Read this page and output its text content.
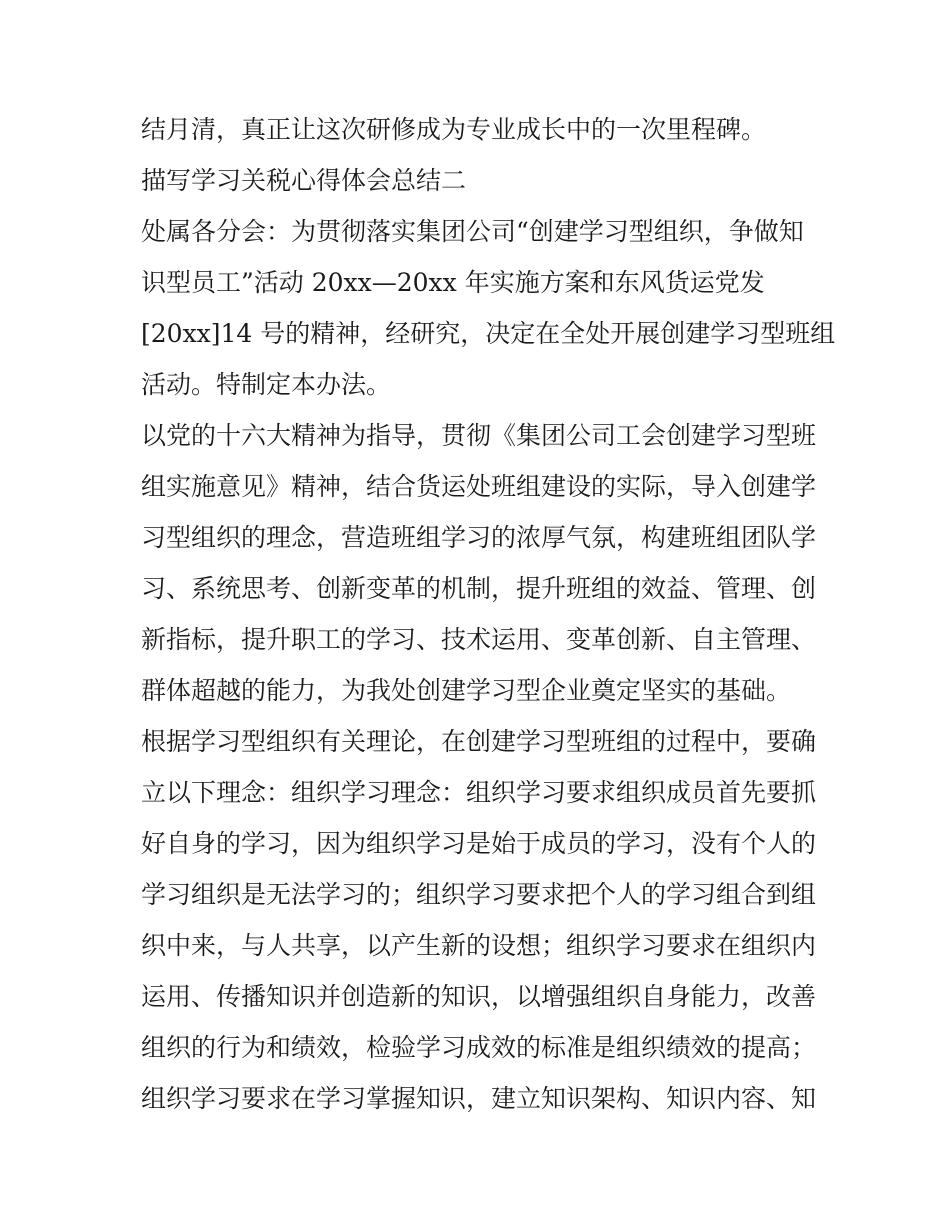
结月清，真正让这次研修成为专业成长中的一次里程碑。
描写学习关税心得体会总结二
处属各分会：为贯彻落实集团公司“创建学习型组织，争做知
识型员工”活动 20xx—20xx 年实施方案和东风货运党发
[20xx]14 号的精神，经研究，决定在全处开展创建学习型班组
活动。特制定本办法。
以党的十六大精神为指导，贯彻《集团公司工会创建学习型班
组实施意见》精神，结合货运处班组建设的实际，导入创建学
习型组织的理念，营造班组学习的浓厚气氛，构建班组团队学
习、系统思考、创新变革的机制，提升班组的效益、管理、创
新指标，提升职工的学习、技术运用、变革创新、自主管理、
群体超越的能力，为我处创建学习型企业奠定坚实的基础。
根据学习型组织有关理论，在创建学习型班组的过程中，要确
立以下理念：组织学习理念：组织学习要求组织成员首先要抓
好自身的学习，因为组织学习是始于成员的学习，没有个人的
学习组织是无法学习的；组织学习要求把个人的学习组合到组
织中来，与人共享，以产生新的设想；组织学习要求在组织内
运用、传播知识并创造新的知识，以增强组织自身能力，改善
组织的行为和绩效，检验学习成效的标准是组织绩效的提高；
组织学习要求在学习掌握知识，建立知识架构、知识内容、知
